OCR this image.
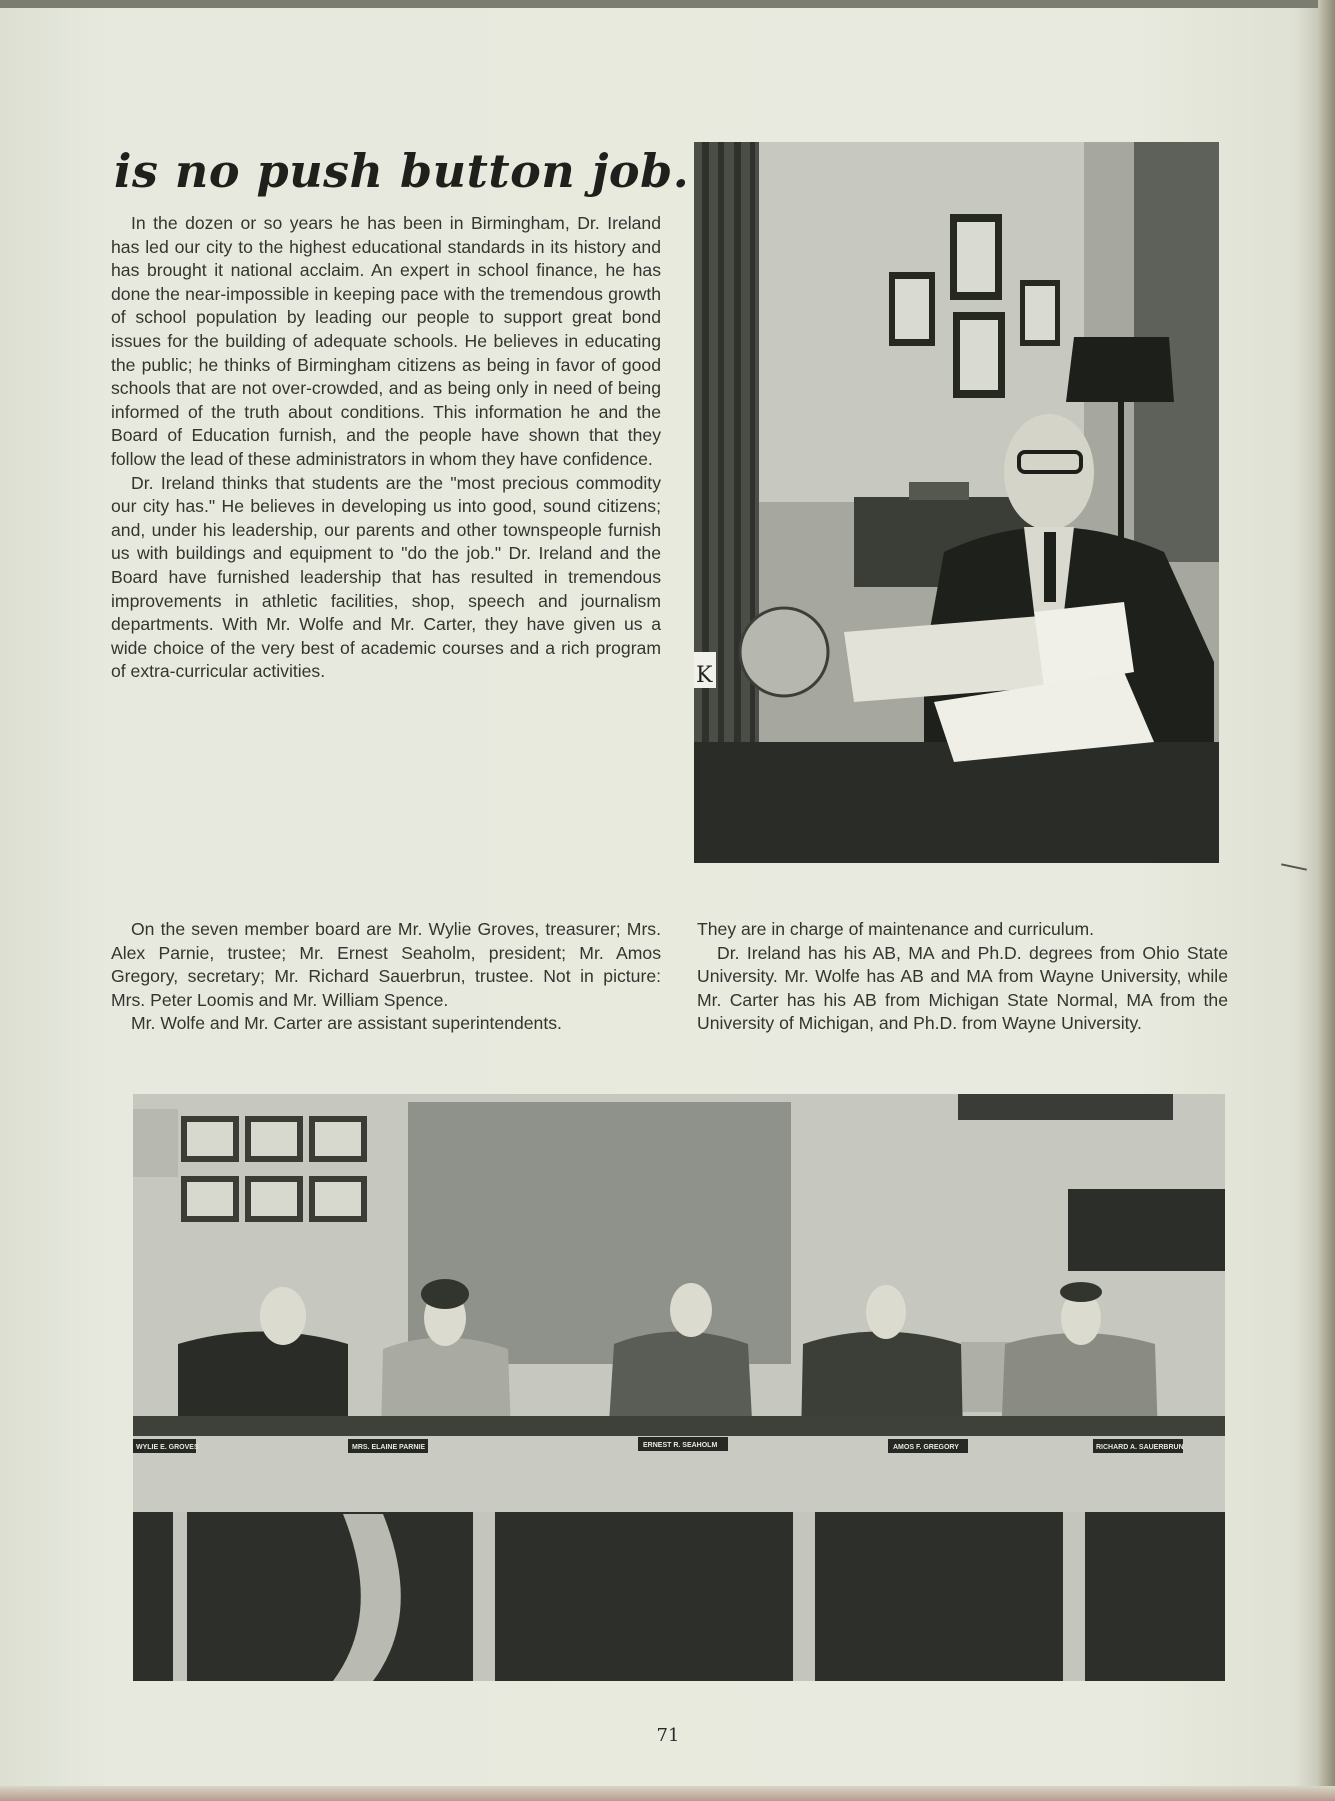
is no push button job.

In the dozen or so years he has been in Birmingham, Dr. Ireland has led our city to the highest educational standards in its history and has brought it national acclaim. An expert in school finance, he has done the near-impossible in keeping pace with the tremendous growth of school population by leading our people to support great bond issues for the building of adequate schools. He believes in educating the public; he thinks of Birmingham citizens as being in favor of good schools that are not over-crowded, and as being only in need of being informed of the truth about conditions. This information he and the Board of Education furnish, and the people have shown that they follow the lead of these administrators in whom they have confidence.

Dr. Ireland thinks that students are the "most precious commodity our city has." He believes in developing us into good, sound citizens; and, under his leadership, our parents and other townspeople furnish us with buildings and equipment to "do the job." Dr. Ireland and the Board have furnished leadership that has resulted in tremendous improvements in athletic facilities, shop, speech and journalism departments. With Mr. Wolfe and Mr. Carter, they have given us a wide choice of the very best of academic courses and a rich program of extra-curricular activities.	K

On the seven member board are Mr. Wylie Groves, treasurer; Mrs. Alex Parnie, trustee; Mr. Ernest Seaholm, president; Mr. Amos Gregory, secretary; Mr. Richard Sauerbrun, trustee. Not in picture: Mrs. Peter Loomis and Mr. William Spence.

Mr. Wolfe and Mr. Carter are assistant superintendents.

They are in charge of maintenance and curriculum.

Dr. Ireland has his AB, MA and Ph.D. degrees from Ohio State University. Mr. Wolfe has AB and MA from Wayne University, while Mr. Carter has his AB from Michigan State Normal, MA from the University of Michigan, and Ph.D. from Wayne University.

WYLIE E. GROVES	MRS. ELAINE PARNIE	ERNEST R. SEAHOLM	AMOS F. GREGORY	RICHARD A. SAUERBRUN
71
